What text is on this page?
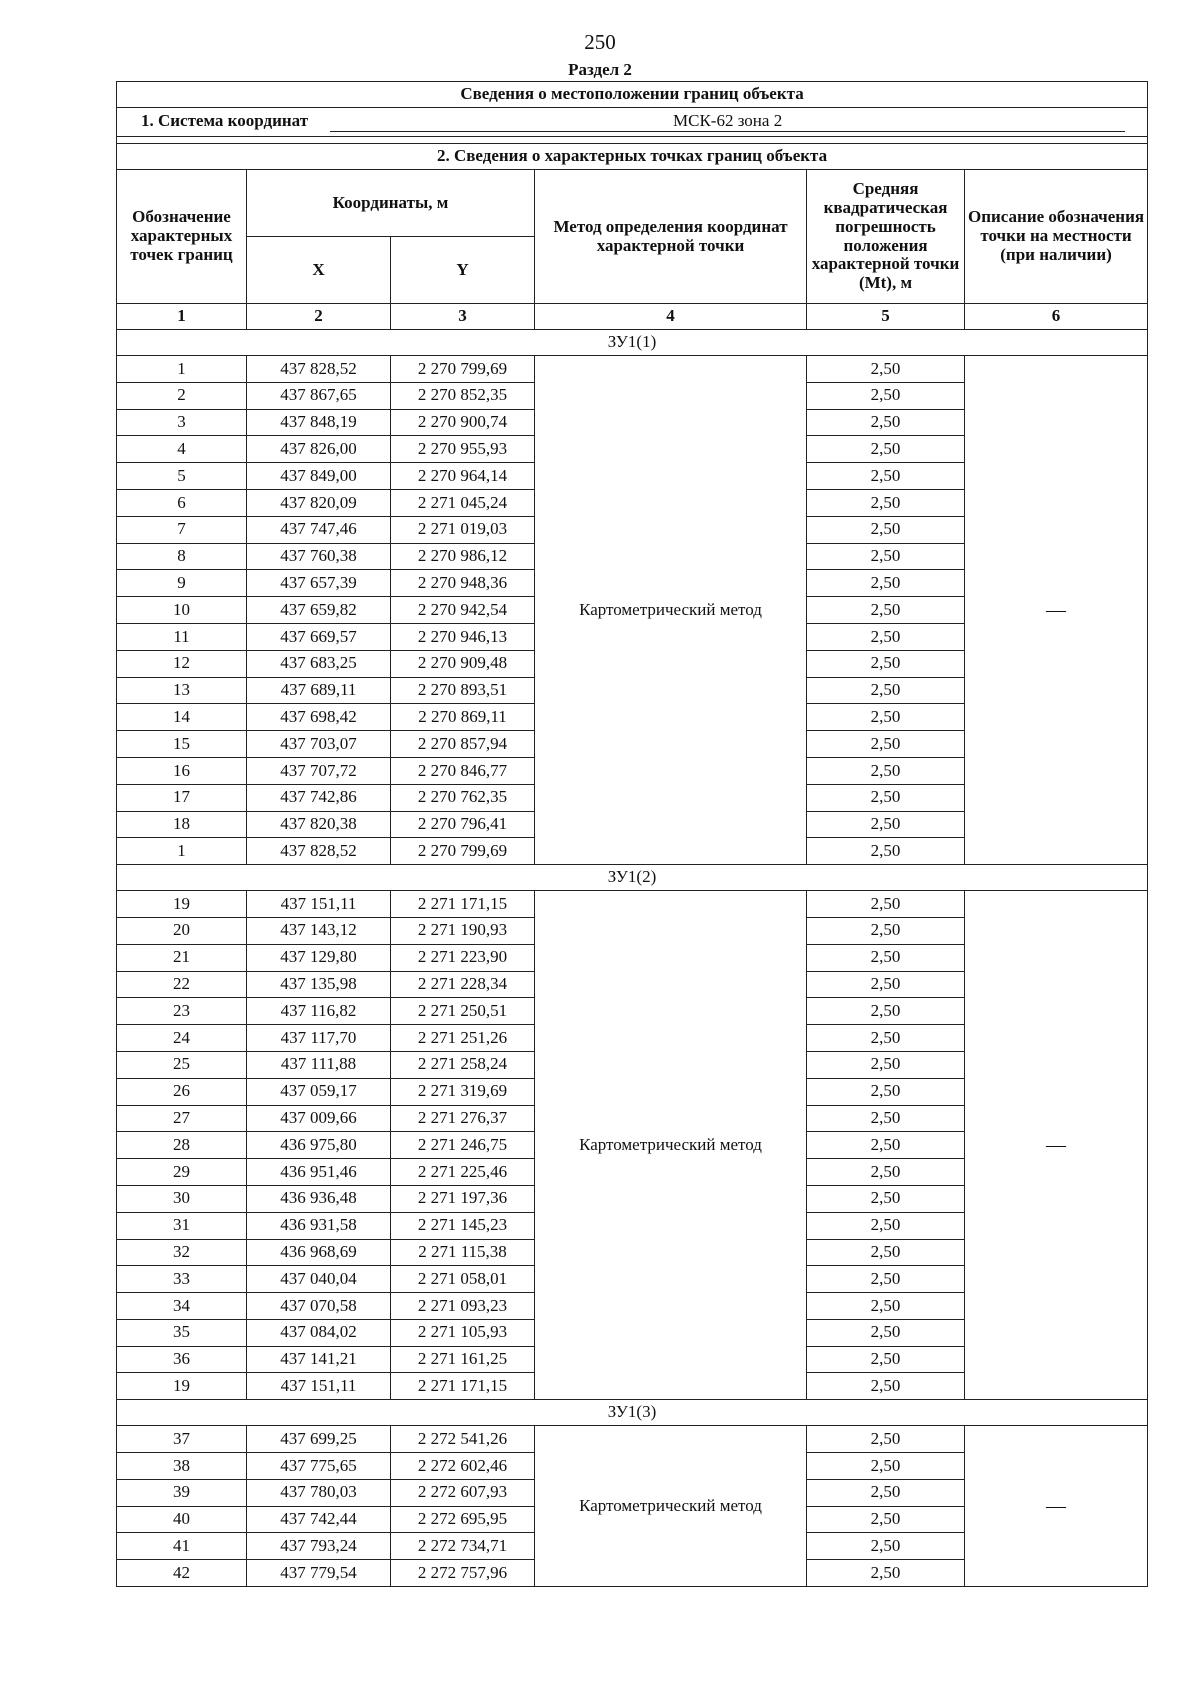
250
Раздел 2
Сведения о местоположении границ объекта					
1. Система координат МСК-62 зона 2					

2. Сведения о характерных точках границ объекта					
Обозначение характерных точек границ	Координаты, м		Метод определения координат характерной точки	Средняя квадратическая погрешность положения характерной точки (Mt), м	Описание обозначения точки на местности (при наличии)
	X	Y			
1	2	3	4	5	6
ЗУ1(1)					
1	437 828,52	2 270 799,69	Картометрический метод	2,50	—
2	437 867,65	2 270 852,35		2,50	
3	437 848,19	2 270 900,74		2,50	
4	437 826,00	2 270 955,93		2,50	
5	437 849,00	2 270 964,14		2,50	
6	437 820,09	2 271 045,24		2,50	
7	437 747,46	2 271 019,03		2,50	
8	437 760,38	2 270 986,12		2,50	
9	437 657,39	2 270 948,36		2,50	
10	437 659,82	2 270 942,54		2,50	
11	437 669,57	2 270 946,13		2,50	
12	437 683,25	2 270 909,48		2,50	
13	437 689,11	2 270 893,51		2,50	
14	437 698,42	2 270 869,11		2,50	
15	437 703,07	2 270 857,94		2,50	
16	437 707,72	2 270 846,77		2,50	
17	437 742,86	2 270 762,35		2,50	
18	437 820,38	2 270 796,41		2,50	
1	437 828,52	2 270 799,69		2,50	
ЗУ1(2)					
19	437 151,11	2 271 171,15	Картометрический метод	2,50	—
20	437 143,12	2 271 190,93		2,50	
21	437 129,80	2 271 223,90		2,50	
22	437 135,98	2 271 228,34		2,50	
23	437 116,82	2 271 250,51		2,50	
24	437 117,70	2 271 251,26		2,50	
25	437 111,88	2 271 258,24		2,50	
26	437 059,17	2 271 319,69		2,50	
27	437 009,66	2 271 276,37		2,50	
28	436 975,80	2 271 246,75		2,50	
29	436 951,46	2 271 225,46		2,50	
30	436 936,48	2 271 197,36		2,50	
31	436 931,58	2 271 145,23		2,50	
32	436 968,69	2 271 115,38		2,50	
33	437 040,04	2 271 058,01		2,50	
34	437 070,58	2 271 093,23		2,50	
35	437 084,02	2 271 105,93		2,50	
36	437 141,21	2 271 161,25		2,50	
19	437 151,11	2 271 171,15		2,50	
ЗУ1(3)					
37	437 699,25	2 272 541,26	Картометрический метод	2,50	—
38	437 775,65	2 272 602,46		2,50	
39	437 780,03	2 272 607,93		2,50	
40	437 742,44	2 272 695,95		2,50	
41	437 793,24	2 272 734,71		2,50	
42	437 779,54	2 272 757,96		2,50	
